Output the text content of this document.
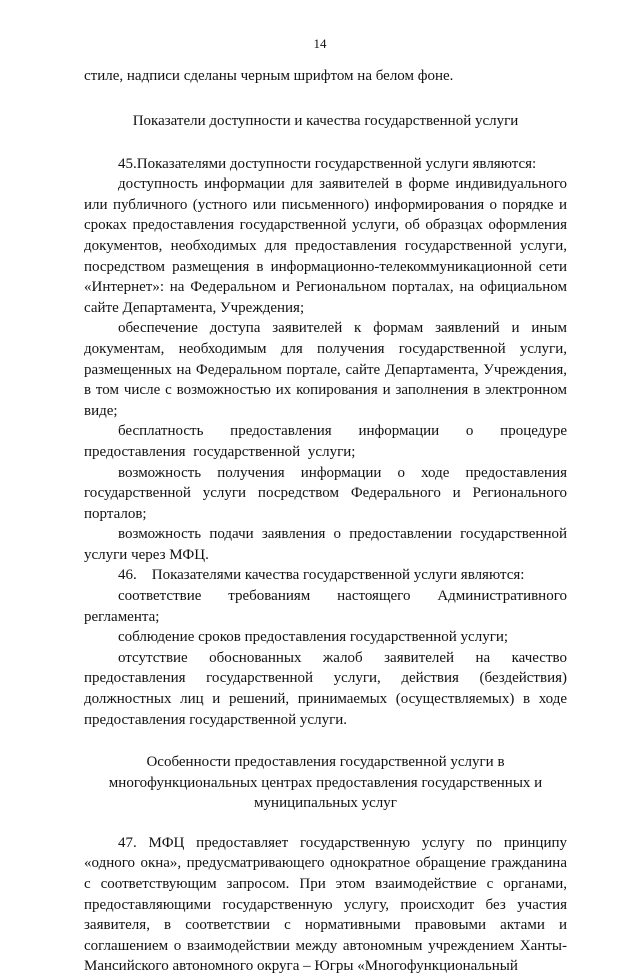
14

стиле, надписи сделаны черным шрифтом на белом фоне.

Показатели доступности и качества государственной услуги

45.Показателями доступности государственной услуги являются:

доступность информации для заявителей в форме индивидуального или публичного (устного или письменного) информирования о порядке и сроках предоставления государственной услуги, об образцах оформления документов, необходимых для предоставления государственной услуги, посредством размещения в информационно-телекоммуникационной сети «Интернет»: на Федеральном и Региональном порталах, на официальном сайте Департамента, Учреждения;

обеспечение доступа заявителей к формам заявлений и иным документам, необходимым для получения государственной услуги, размещенных на Федеральном портале, сайте Департамента, Учреждения, в том числе с возможностью их копирования и заполнения в электронном виде;

бесплатность предоставления информации о процедуре предоставления государственной услуги;

возможность получения информации о ходе предоставления государственной услуги посредством Федерального и Регионального порталов;

возможность подачи заявления о предоставлении государственной услуги через МФЦ.

46.    Показателями качества государственной услуги являются:

соответствие требованиям настоящего Административного регламента;

соблюдение сроков предоставления государственной услуги;

отсутствие обоснованных жалоб заявителей на качество предоставления государственной услуги, действия (бездействия) должностных лиц и решений, принимаемых (осуществляемых) в ходе предоставления государственной услуги.

Особенности предоставления государственной услуги в
многофункциональных центрах предоставления государственных и
муниципальных услуг

47. МФЦ предоставляет государственную услугу по принципу «одного окна», предусматривающего однократное обращение гражданина с соответствующим запросом. При этом взаимодействие с органами, предоставляющими государственную услугу, происходит без участия заявителя, в соответствии с нормативными правовыми актами и соглашением о взаимодействии между автономным учреждением Ханты-Мансийского автономного округа – Югры «Многофункциональный
